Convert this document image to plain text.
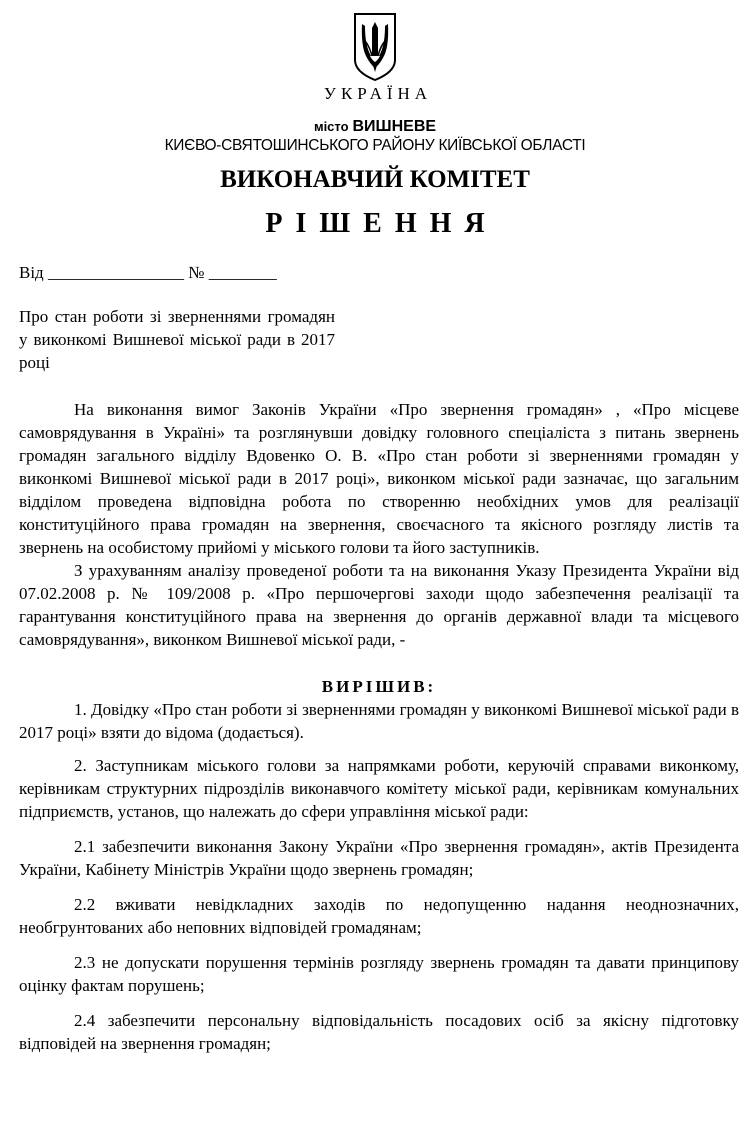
УКРАЇНА
місто ВИШНЕВЕ
КИЄВО-СВЯТОШИНСЬКОГО РАЙОНУ КИЇВСЬКОЇ ОБЛАСТІ
ВИКОНАВЧИЙ КОМІТЕТ
РІШЕННЯ
Від ________________ № ________
Про стан роботи зі зверненнями громадян у виконкомі Вишневої міської ради в 2017 році

На виконання вимог Законів України «Про звернення громадян» , «Про місцеве самоврядування в Україні» та розглянувши довідку головного спеціаліста з питань звернень громадян загального відділу Вдовенко О. В. «Про стан роботи зі зверненнями громадян у виконкомі Вишневої міської ради в 2017 році», виконком міської ради зазначає, що загальним відділом проведена відповідна робота по створенню необхідних умов для реалізації конституційного права громадян на звернення, своєчасного та якісного розгляду листів та звернень на особистому прийомі у міського голови та його заступників.

З урахуванням аналізу проведеної роботи та на виконання Указу Президента України від 07.02.2008 р. № 109/2008 р. «Про першочергові заходи щодо забезпечення реалізації та гарантування конституційного права на звернення до органів державної влади та місцевого самоврядування», виконком Вишневої міської ради, -

ВИРІШИВ:

1. Довідку «Про стан роботи зі зверненнями громадян у виконкомі Вишневої міської ради в 2017 році» взяти до відома (додається).

2. Заступникам міського голови за напрямками роботи, керуючій справами виконкому, керівникам структурних підрозділів виконавчого комітету міської ради, керівникам комунальних підприємств, установ, що належать до сфери управління міської ради:

2.1 забезпечити виконання Закону України «Про звернення громадян», актів Президента України, Кабінету Міністрів України щодо звернень громадян;

2.2 вживати невідкладних заходів по недопущенню надання неоднозначних, необгрунтованих або неповних відповідей громадянам;

2.3 не допускати порушення термінів розгляду звернень громадян та давати принципову оцінку фактам порушень;

2.4 забезпечити персональну відповідальність посадових осіб за якісну підготовку відповідей на звернення громадян;
